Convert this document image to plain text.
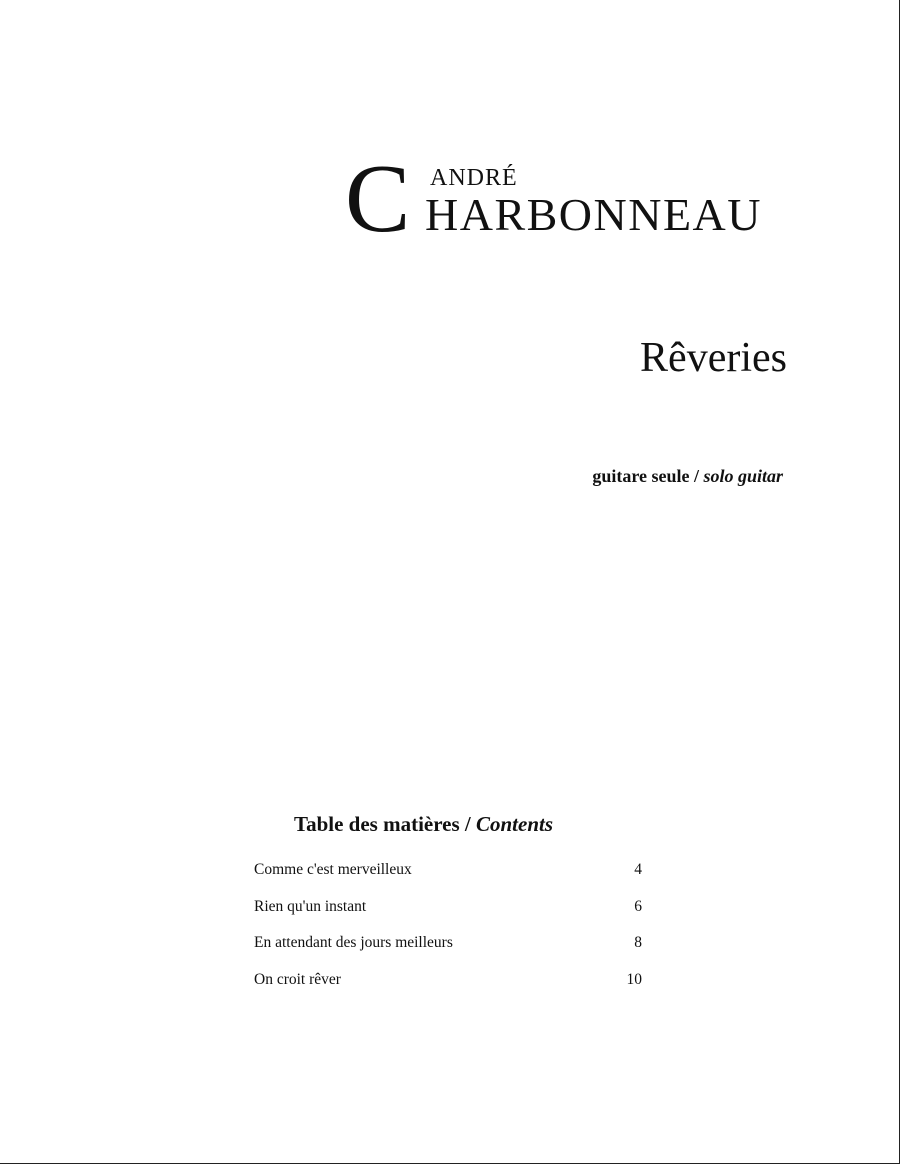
C ANDRÉ
HARBONNEAU
Rêveries
guitare seule / solo guitar
Table des matières / Contents
Comme c'est merveilleux	4
Rien qu'un instant	6
En attendant des jours meilleurs	8
On croit rêver	10
